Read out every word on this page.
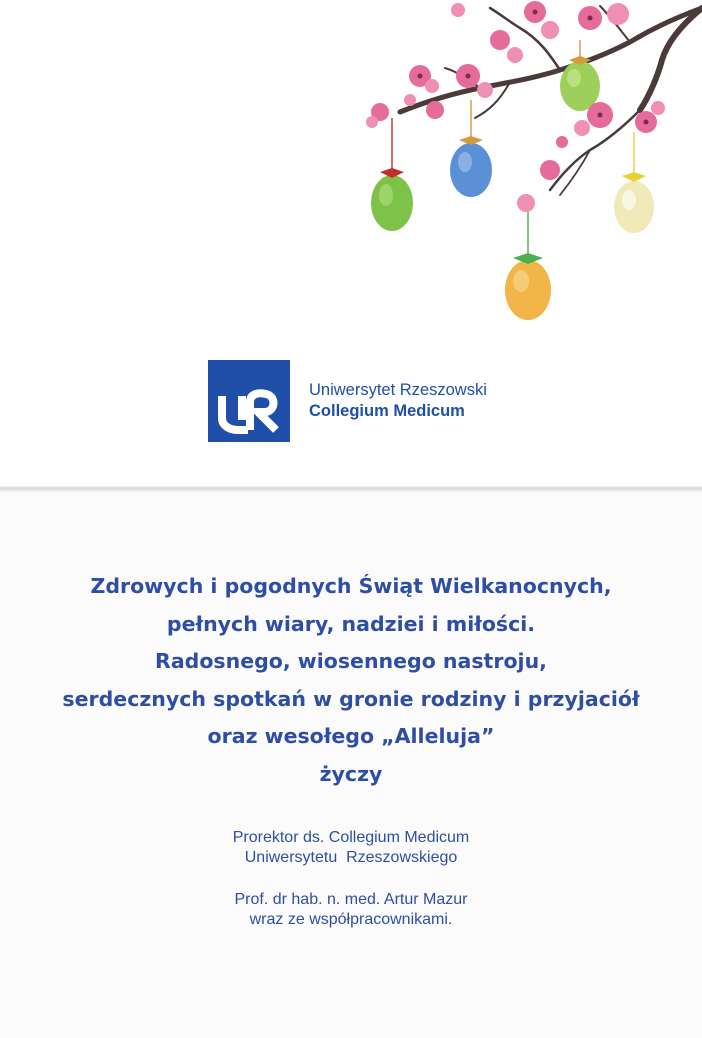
Uniwersytet Rzeszowski
Collegium Medicum
Zdrowych i pogodnych Świąt Wielkanocnych,
pełnych wiary, nadziei i miłości.
Radosnego, wiosennego nastroju,
serdecznych spotkań w gronie rodziny i przyjaciół
oraz wesołego „Alleluja”
życzy
Prorektor ds. Collegium Medicum
Uniwersytetu  Rzeszowskiego
Prof. dr hab. n. med. Artur Mazur
wraz ze współpracownikami.
